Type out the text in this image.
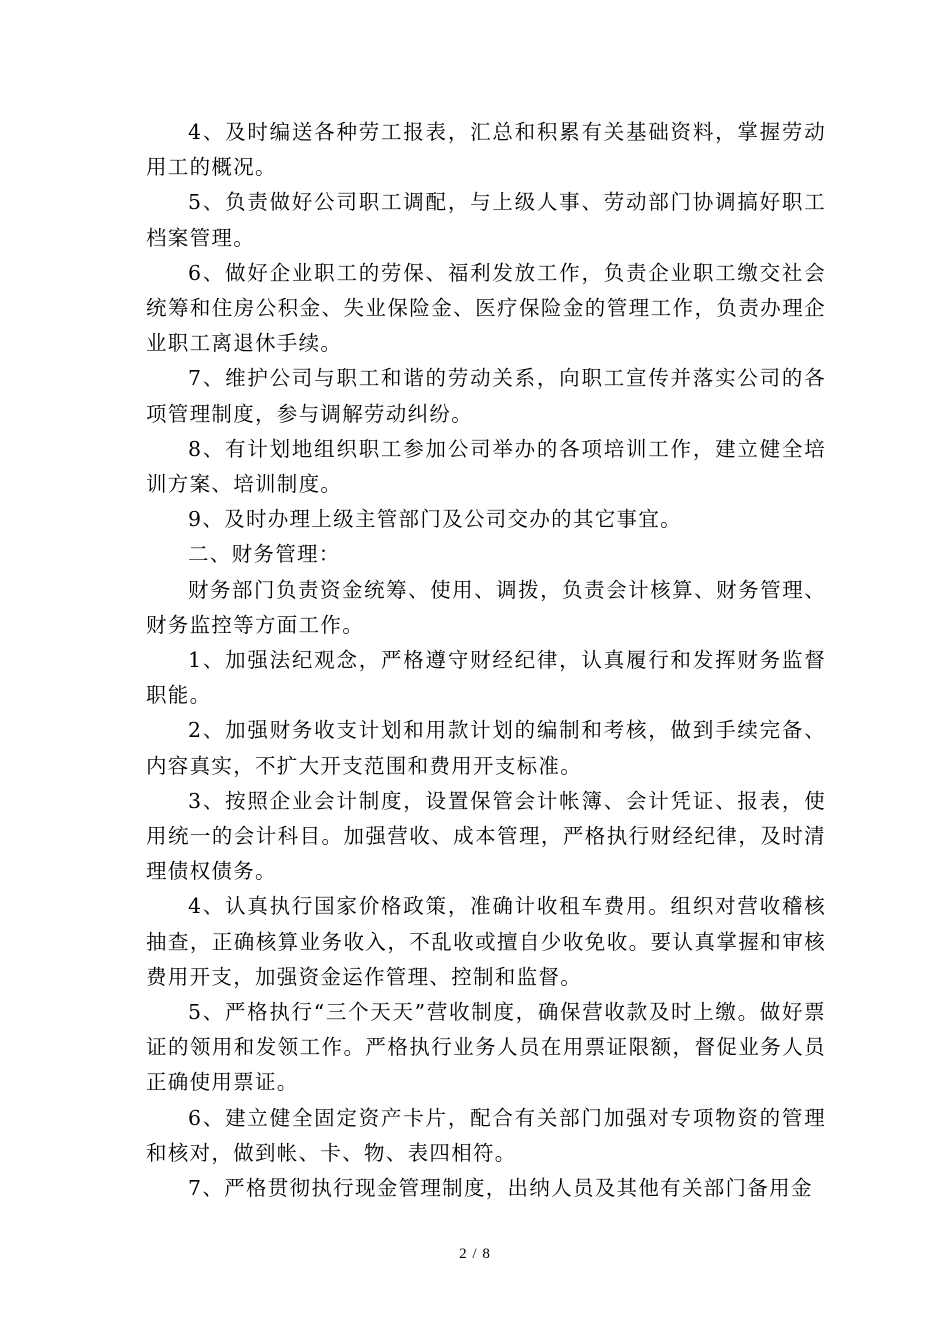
4、及时编送各种劳工报表，汇总和积累有关基础资料，掌握劳动用工的概况。

5、负责做好公司职工调配，与上级人事、劳动部门协调搞好职工档案管理。

6、做好企业职工的劳保、福利发放工作，负责企业职工缴交社会统筹和住房公积金、失业保险金、医疗保险金的管理工作，负责办理企业职工离退休手续。

7、维护公司与职工和谐的劳动关系，向职工宣传并落实公司的各项管理制度，参与调解劳动纠纷。

8、有计划地组织职工参加公司举办的各项培训工作，建立健全培训方案、培训制度。

9、及时办理上级主管部门及公司交办的其它事宜。

二、财务管理：

财务部门负责资金统筹、使用、调拨，负责会计核算、财务管理、财务监控等方面工作。

1、加强法纪观念，严格遵守财经纪律，认真履行和发挥财务监督职能。

2、加强财务收支计划和用款计划的编制和考核，做到手续完备、内容真实，不扩大开支范围和费用开支标准。

3、按照企业会计制度，设置保管会计帐簿、会计凭证、报表，使用统一的会计科目。加强营收、成本管理，严格执行财经纪律，及时清理债权债务。

4、认真执行国家价格政策，准确计收租车费用。组织对营收稽核抽查，正确核算业务收入，不乱收或擅自少收免收。要认真掌握和审核费用开支，加强资金运作管理、控制和监督。

5、严格执行“三个天天”营收制度，确保营收款及时上缴。做好票证的领用和发领工作。严格执行业务人员在用票证限额，督促业务人员正确使用票证。

6、建立健全固定资产卡片，配合有关部门加强对专项物资的管理和核对，做到帐、卡、物、表四相符。

7、严格贯彻执行现金管理制度，出纳人员及其他有关部门备用金

2 / 8
